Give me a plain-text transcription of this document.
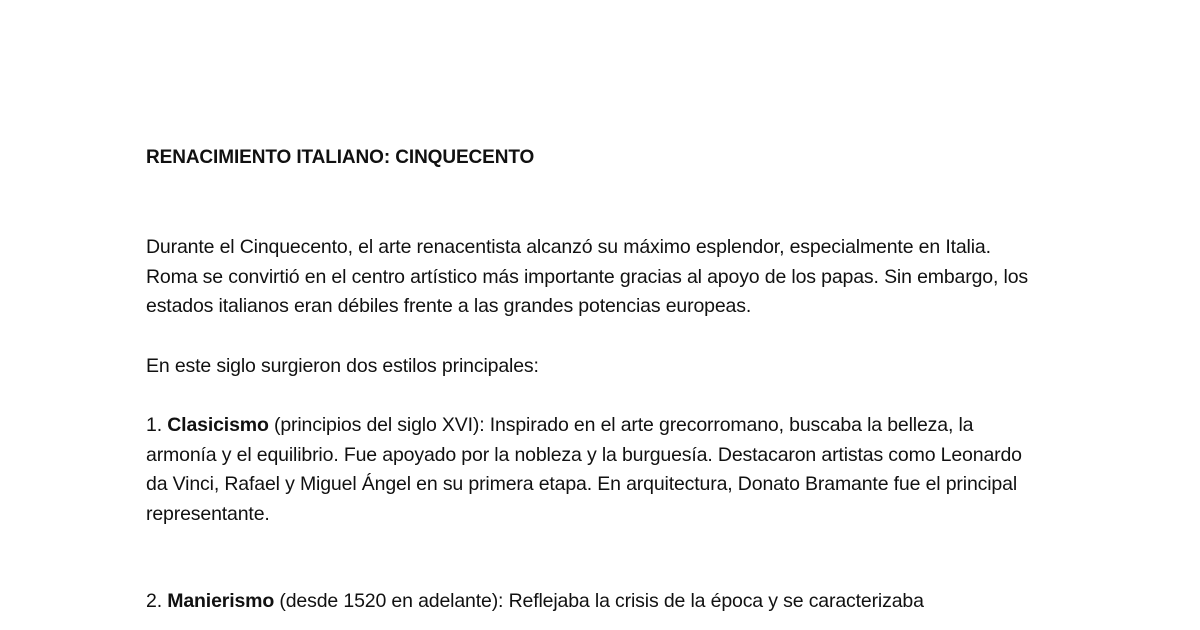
RENACIMIENTO ITALIANO: CINQUECENTO

Durante el Cinquecento, el arte renacentista alcanzó su máximo esplendor, especialmente en Italia. Roma se convirtió en el centro artístico más importante gracias al apoyo de los papas. Sin embargo, los estados italianos eran débiles frente a las grandes potencias europeas.

En este siglo surgieron dos estilos principales:

1. Clasicismo (principios del siglo XVI): Inspirado en el arte grecorromano, buscaba la belleza, la armonía y el equilibrio. Fue apoyado por la nobleza y la burguesía. Destacaron artistas como Leonardo da Vinci, Rafael y Miguel Ángel en su primera etapa. En arquitectura, Donato Bramante fue el principal representante.

2. Manierismo (desde 1520 en adelante): Reflejaba la crisis de la época y se caracterizaba
